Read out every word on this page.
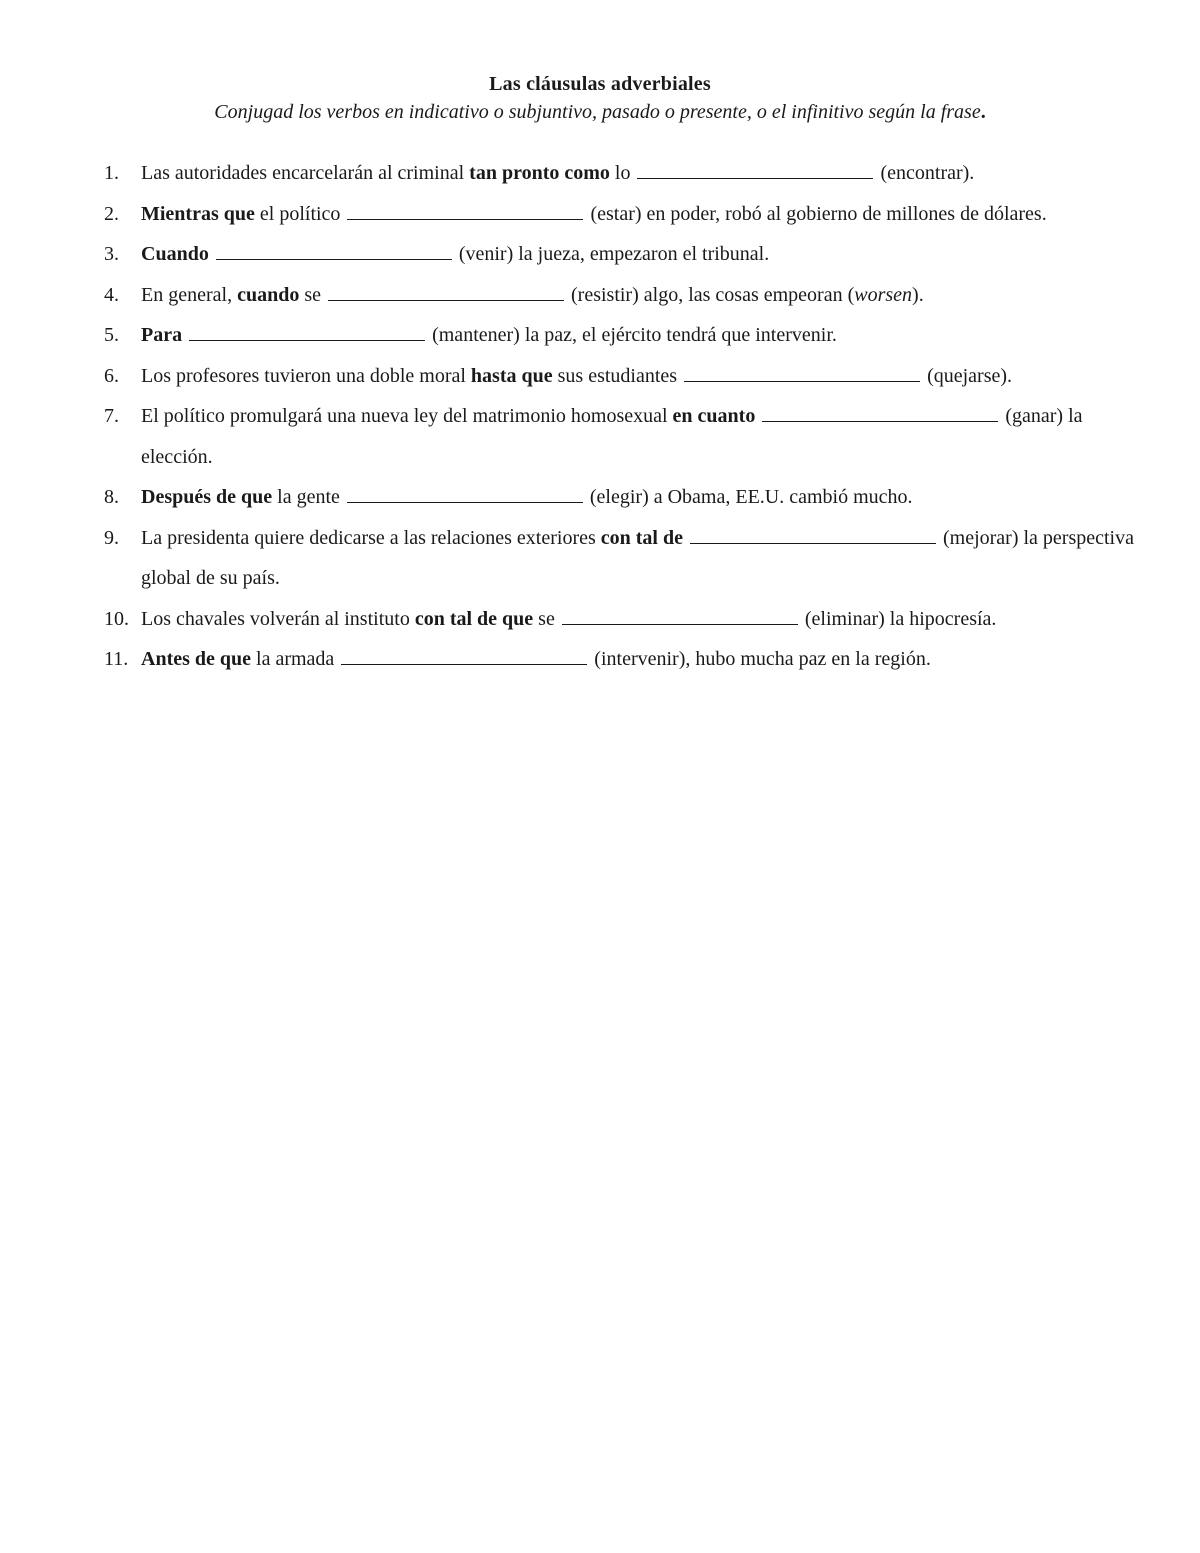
Las cláusulas adverbiales
Conjugad los verbos en indicativo o subjuntivo, pasado o presente, o el infinitivo según la frase.
1. Las autoridades encarcelarán al criminal tan pronto como lo	(encontrar).
2. Mientras que el político	(estar) en poder, robó al gobierno de millones de dólares.
3. Cuando	(venir) la jueza, empezaron el tribunal.
4. En general, cuando se	(resistir) algo, las cosas empeoran (worsen).
5. Para	(mantener) la paz, el ejército tendrá que intervenir.
6. Los profesores tuvieron una doble moral hasta que sus estudiantes	(quejarse).
7. El político promulgará una nueva ley del matrimonio homosexual en cuanto	(ganar) la elección.
8. Después de que la gente	(elegir) a Obama, EE.U. cambió mucho.
9. La presidenta quiere dedicarse a las relaciones exteriores con tal de	(mejorar) la perspectiva global de su país.
10. Los chavales volverán al instituto con tal de que se	(eliminar) la hipocresía.
11. Antes de que la armada	(intervenir), hubo mucha paz en la región.
